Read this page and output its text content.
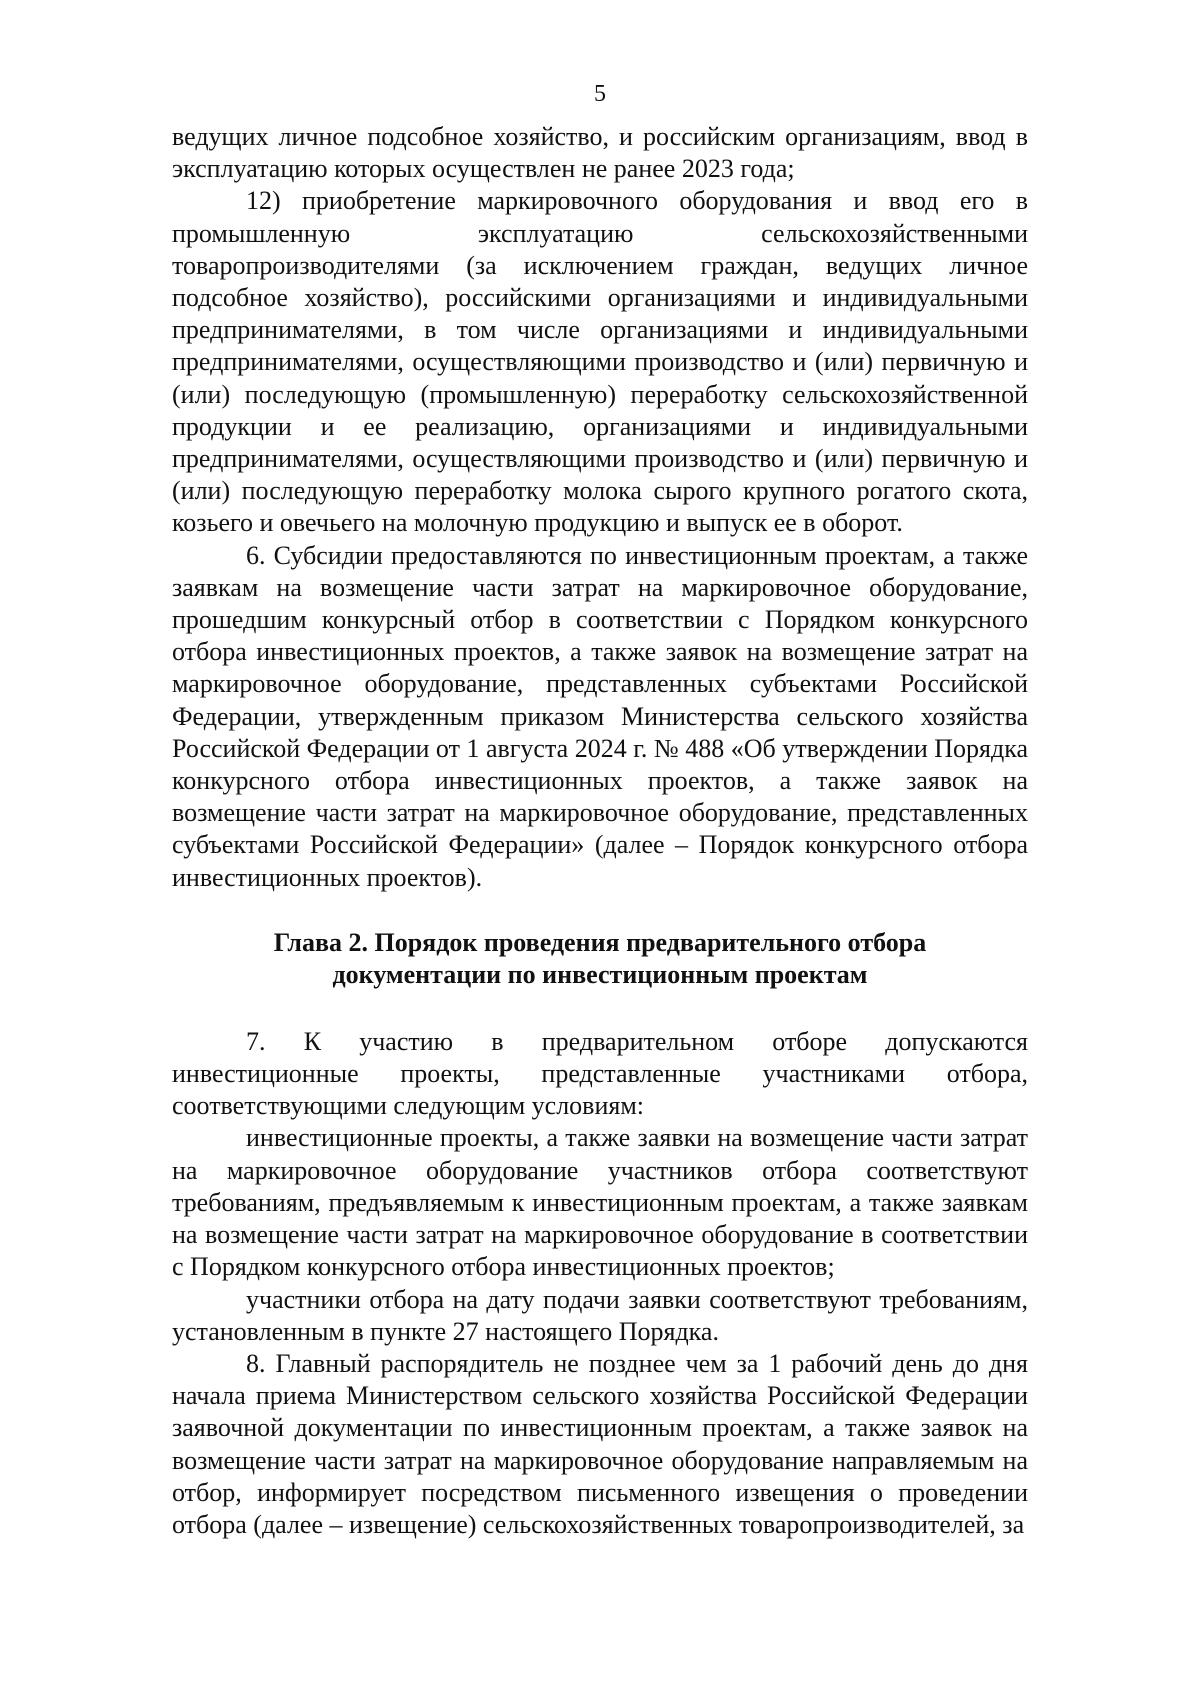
5

ведущих личное подсобное хозяйство, и российским организациям, ввод в эксплуатацию которых осуществлен не ранее 2023 года;

12) приобретение маркировочного оборудования и ввод его в промышленную эксплуатацию сельскохозяйственными товаропроизводителями (за исключением граждан, ведущих личное подсобное хозяйство), российскими организациями и индивидуальными предпринимателями, в том числе организациями и индивидуальными предпринимателями, осуществляющими производство и (или) первичную и (или) последующую (промышленную) переработку сельскохозяйственной продукции и ее реализацию, организациями и индивидуальными предпринимателями, осуществляющими производство и (или) первичную и (или) последующую переработку молока сырого крупного рогатого скота, козьего и овечьего на молочную продукцию и выпуск ее в оборот.

6. Субсидии предоставляются по инвестиционным проектам, а также заявкам на возмещение части затрат на маркировочное оборудование, прошедшим конкурсный отбор в соответствии с Порядком конкурсного отбора инвестиционных проектов, а также заявок на возмещение затрат на маркировочное оборудование, представленных субъектами Российской Федерации, утвержденным приказом Министерства сельского хозяйства Российской Федерации от 1 августа 2024 г. № 488 «Об утверждении Порядка конкурсного отбора инвестиционных проектов, а также заявок на возмещение части затрат на маркировочное оборудование, представленных субъектами Российской Федерации» (далее – Порядок конкурсного отбора инвестиционных проектов).

Глава 2. Порядок проведения предварительного отбора
документации по инвестиционным проектам

7. К участию в предварительном отборе допускаются инвестиционные проекты, представленные участниками отбора, соответствующими следующим условиям:

инвестиционные проекты, а также заявки на возмещение части затрат на маркировочное оборудование участников отбора соответствуют требованиям, предъявляемым к инвестиционным проектам, а также заявкам на возмещение части затрат на маркировочное оборудование в соответствии с Порядком конкурсного отбора инвестиционных проектов;

участники отбора на дату подачи заявки соответствуют требованиям, установленным в пункте 27 настоящего Порядка.

8. Главный распорядитель не позднее чем за 1 рабочий день до дня начала приема Министерством сельского хозяйства Российской Федерации заявочной документации по инвестиционным проектам, а также заявок на возмещение части затрат на маркировочное оборудование направляемым на отбор, информирует посредством письменного извещения о проведении отбора (далее – извещение) сельскохозяйственных товаропроизводителей, за
